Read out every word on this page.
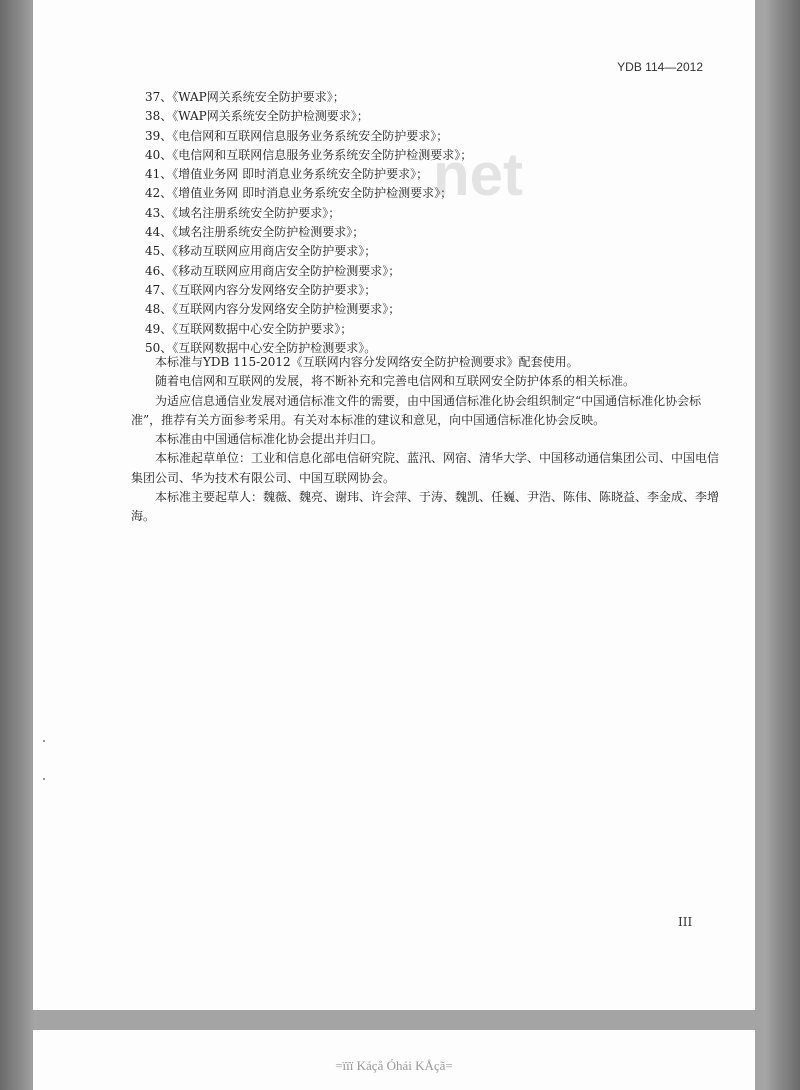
YDB 114—2012
net
37、《WAP网关系统安全防护要求》；
38、《WAP网关系统安全防护检测要求》；
39、《电信网和互联网信息服务业务系统安全防护要求》；
40、《电信网和互联网信息服务业务系统安全防护检测要求》；
41、《增值业务网 即时消息业务系统安全防护要求》；
42、《增值业务网 即时消息业务系统安全防护检测要求》；
43、《域名注册系统安全防护要求》；
44、《域名注册系统安全防护检测要求》；
45、《移动互联网应用商店安全防护要求》；
46、《移动互联网应用商店安全防护检测要求》；
47、《互联网内容分发网络安全防护要求》；
48、《互联网内容分发网络安全防护检测要求》；
49、《互联网数据中心安全防护要求》；
50、《互联网数据中心安全防护检测要求》。

本标准与YDB 115-2012《互联网内容分发网络安全防护检测要求》配套使用。

随着电信网和互联网的发展，将不断补充和完善电信网和互联网安全防护体系的相关标准。

为适应信息通信业发展对通信标准文件的需要，由中国通信标准化协会组织制定“中国通信标准化协会标准”，推荐有关方面参考采用。有关对本标准的建议和意见，向中国通信标准化协会反映。

本标准由中国通信标准化协会提出并归口。

本标准起草单位：工业和信息化部电信研究院、蓝汛、网宿、清华大学、中国移动通信集团公司、中国电信集团公司、华为技术有限公司、中国互联网协会。

本标准主要起草人：魏薇、魏亮、谢玮、许会萍、于涛、魏凯、任巍、尹浩、陈伟、陈晓益、李金成、李增海。

III
=ïïï Káçå Óhái KÅçã=
